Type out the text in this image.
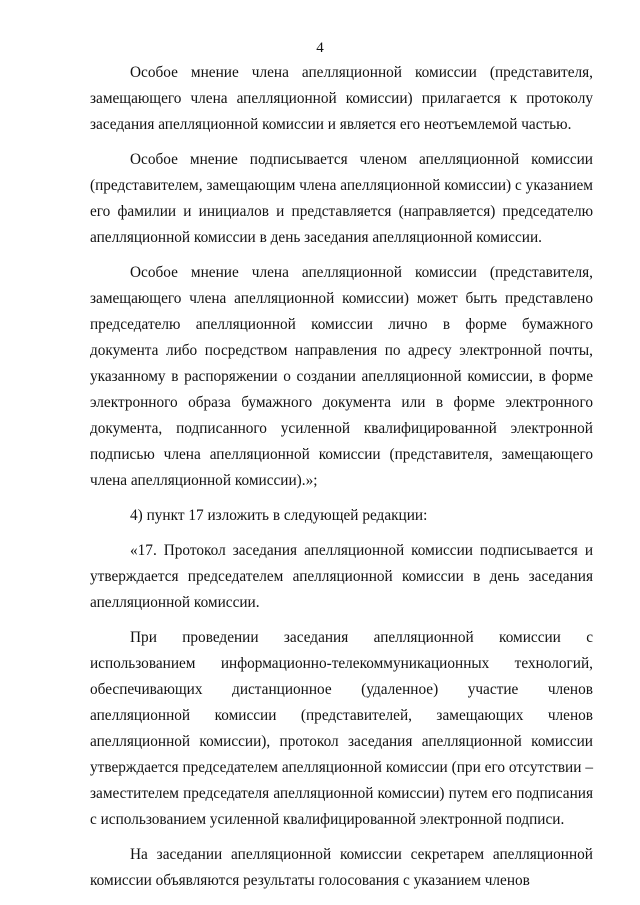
4

Особое мнение члена апелляционной комиссии (представителя, замещающего члена апелляционной комиссии) прилагается к протоколу заседания апелляционной комиссии и является его неотъемлемой частью.

Особое мнение подписывается членом апелляционной комиссии (представителем, замещающим члена апелляционной комиссии) с указанием его фамилии и инициалов и представляется (направляется) председателю апелляционной комиссии в день заседания апелляционной комиссии.

Особое мнение члена апелляционной комиссии (представителя, замещающего члена апелляционной комиссии) может быть представлено председателю апелляционной комиссии лично в форме бумажного документа либо посредством направления по адресу электронной почты, указанному в распоряжении о создании апелляционной комиссии, в форме электронного образа бумажного документа или в форме электронного документа, подписанного усиленной квалифицированной электронной подписью члена апелляционной комиссии (представителя, замещающего члена апелляционной комиссии).»;

4) пункт 17 изложить в следующей редакции:

«17. Протокол заседания апелляционной комиссии подписывается и утверждается председателем апелляционной комиссии в день заседания апелляционной комиссии.

При проведении заседания апелляционной комиссии с использованием информационно-телекоммуникационных технологий, обеспечивающих дистанционное (удаленное) участие членов апелляционной комиссии (представителей, замещающих членов апелляционной комиссии), протокол заседания апелляционной комиссии утверждается председателем апелляционной комиссии (при его отсутствии – заместителем председателя апелляционной комиссии) путем его подписания с использованием усиленной квалифицированной электронной подписи.

На заседании апелляционной комиссии секретарем апелляционной комиссии объявляются результаты голосования с указанием членов
